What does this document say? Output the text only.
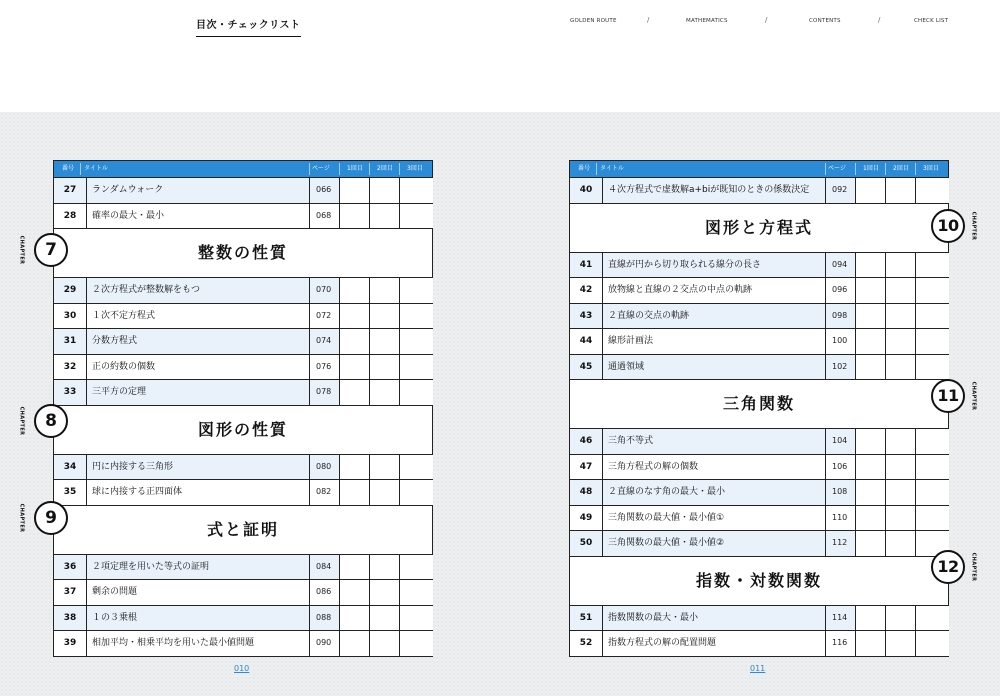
目次・チェックリスト	GOLDEN ROUTE	/	MATHEMATICS	/	CONTENTS	/	CHECK LIST
番号 タイトル	ページ	1回目 2回目 3回目
27	ランダムウォーク	066
28	確率の最大・最小	068
整数の性質
29	２次方程式が整数解をもつ	070
30	１次不定方程式	072
31	分数方程式	074
32	正の約数の個数	076
33	三平方の定理	078
図形の性質
34	円に内接する三角形	080
35	球に内接する正四面体	082
式と証明
36	２項定理を用いた等式の証明	084
37	剰余の問題	086
38	１の３乗根	088
39	相加平均・相乗平均を用いた最小値問題	090
番号 タイトル	ページ	1回目 2回目 3回目
40	４次方程式で虚数解a+biが既知のときの係数決定	092
図形と方程式
41	直線が円から切り取られる線分の長さ	094
42	放物線と直線の２交点の中点の軌跡	096
43	２直線の交点の軌跡	098
44	線形計画法	100
45	通過領域	102
三角関数
46	三角不等式	104
47	三角方程式の解の個数	106
48	２直線のなす角の最大・最小	108
49	三角関数の最大値・最小値①	110
50	三角関数の最大値・最小値②	112
指数・対数関数
51	指数関数の最大・最小	114
52	指数方程式の解の配置問題	116
7
CHAPTER
8
CHAPTER
9
CHAPTER
10	CHAPTER
11	CHAPTER
12	CHAPTER
010	011
